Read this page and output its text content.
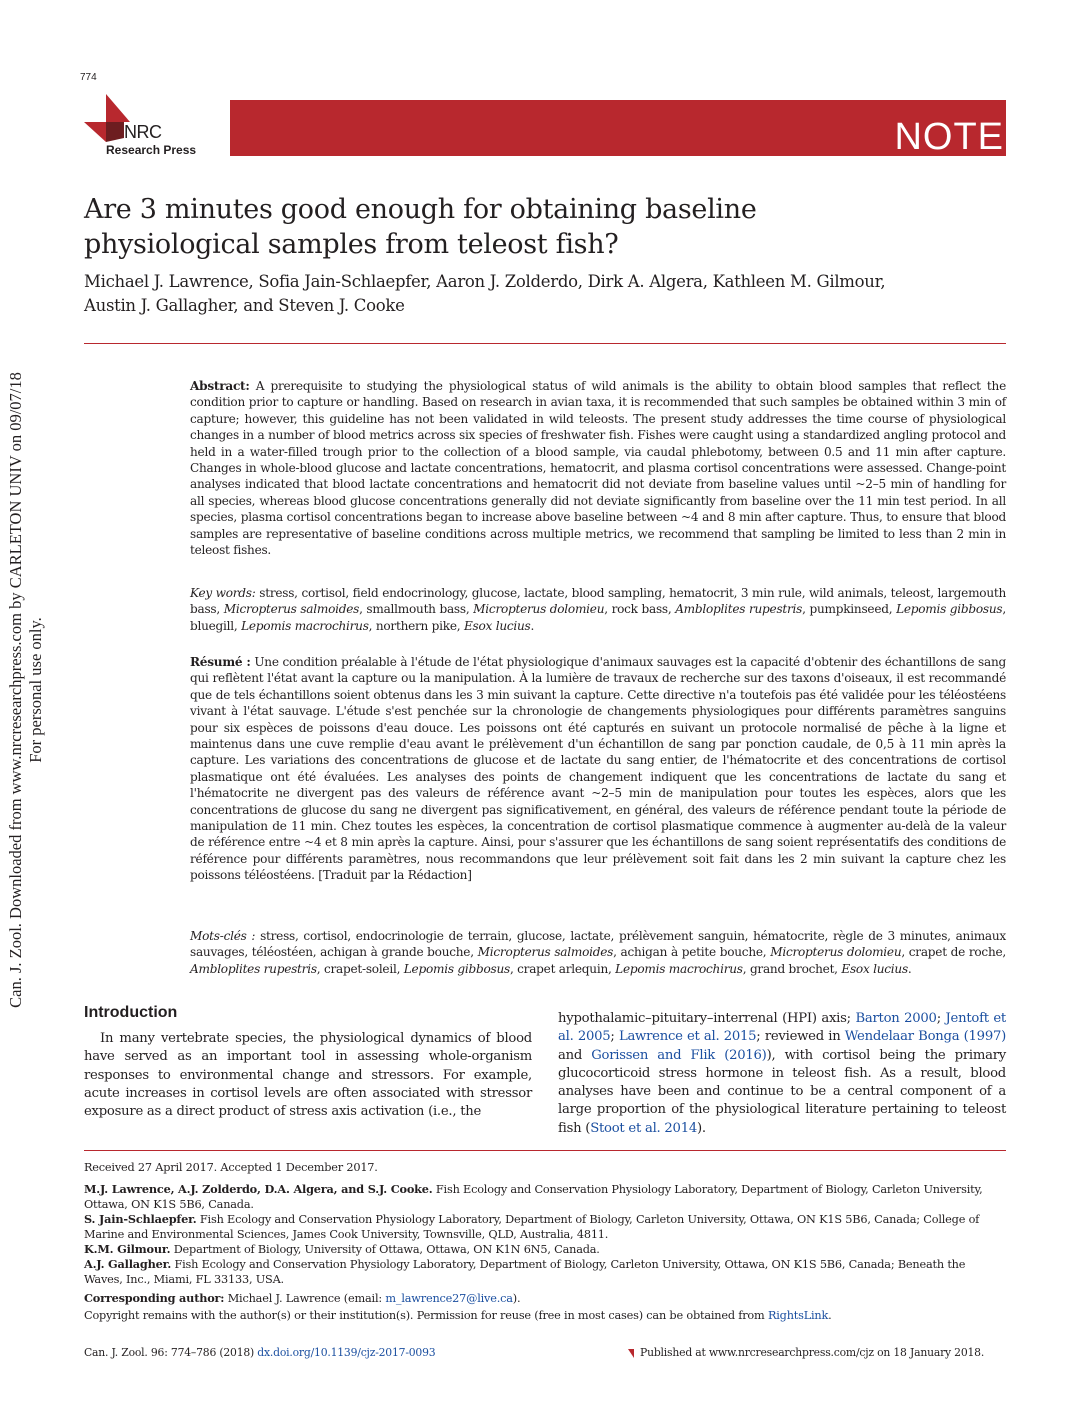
774
NRC
Research Press	NOTE
Are 3 minutes good enough for obtaining baseline
physiological samples from teleost fish?
Michael J. Lawrence, Sofia Jain-Schlaepfer, Aaron J. Zolderdo, Dirk A. Algera, Kathleen M. Gilmour,
Austin J. Gallagher, and Steven J. Cooke
Abstract: A prerequisite to studying the physiological status of wild animals is the ability to obtain blood samples that reflect the condition prior to capture or handling. Based on research in avian taxa, it is recommended that such samples be obtained within 3 min of capture; however, this guideline has not been validated in wild teleosts. The present study addresses the time course of physiological changes in a number of blood metrics across six species of freshwater fish. Fishes were caught using a standardized angling protocol and held in a water-filled trough prior to the collection of a blood sample, via caudal phlebotomy, between 0.5 and 11 min after capture. Changes in whole-blood glucose and lactate concentrations, hematocrit, and plasma cortisol concentrations were assessed. Change-point analyses indicated that blood lactate concentrations and hematocrit did not deviate from baseline values until ~2–5 min of handling for all species, whereas blood glucose concentrations generally did not deviate significantly from baseline over the 11 min test period. In all species, plasma cortisol concentrations began to increase above baseline between ~4 and 8 min after capture. Thus, to ensure that blood samples are representative of baseline conditions across multiple metrics, we recommend that sampling be limited to less than 2 min in teleost fishes.
Key words: stress, cortisol, field endocrinology, glucose, lactate, blood sampling, hematocrit, 3 min rule, wild animals, teleost, largemouth bass, Micropterus salmoides, smallmouth bass, Micropterus dolomieu, rock bass, Ambloplites rupestris, pumpkinseed, Lepomis gibbosus, bluegill, Lepomis macrochirus, northern pike, Esox lucius.
Résumé : Une condition préalable à l'étude de l'état physiologique d'animaux sauvages est la capacité d'obtenir des échantillons de sang qui reflètent l'état avant la capture ou la manipulation. À la lumière de travaux de recherche sur des taxons d'oiseaux, il est recommandé que de tels échantillons soient obtenus dans les 3 min suivant la capture. Cette directive n'a toutefois pas été validée pour les téléostéens vivant à l'état sauvage. L'étude s'est penchée sur la chronologie de changements physiologiques pour différents paramètres sanguins pour six espèces de poissons d'eau douce. Les poissons ont été capturés en suivant un protocole normalisé de pêche à la ligne et maintenus dans une cuve remplie d'eau avant le prélèvement d'un échantillon de sang par ponction caudale, de 0,5 à 11 min après la capture. Les variations des concentrations de glucose et de lactate du sang entier, de l'hématocrite et des concentrations de cortisol plasmatique ont été évaluées. Les analyses des points de changement indiquent que les concentrations de lactate du sang et l'hématocrite ne divergent pas des valeurs de référence avant ~2–5 min de manipulation pour toutes les espèces, alors que les concentrations de glucose du sang ne divergent pas significativement, en général, des valeurs de référence pendant toute la période de manipulation de 11 min. Chez toutes les espèces, la concentration de cortisol plasmatique commence à augmenter au-delà de la valeur de référence entre ~4 et 8 min après la capture. Ainsi, pour s'assurer que les échantillons de sang soient représentatifs des conditions de référence pour différents paramètres, nous recommandons que leur prélèvement soit fait dans les 2 min suivant la capture chez les poissons téléostéens. [Traduit par la Rédaction]
Mots-clés : stress, cortisol, endocrinologie de terrain, glucose, lactate, prélèvement sanguin, hématocrite, règle de 3 minutes, animaux sauvages, téléostéen, achigan à grande bouche, Micropterus salmoides, achigan à petite bouche, Micropterus dolomieu, crapet de roche, Ambloplites rupestris, crapet-soleil, Lepomis gibbosus, crapet arlequin, Lepomis macrochirus, grand brochet, Esox lucius.
Introduction

In many vertebrate species, the physiological dynamics of blood have served as an important tool in assessing whole-organism responses to environmental change and stressors. For example, acute increases in cortisol levels are often associated with stressor exposure as a direct product of stress axis activation (i.e., the

hypothalamic–pituitary–interrenal (HPI) axis; Barton 2000; Jentoft et al. 2005; Lawrence et al. 2015; reviewed in Wendelaar Bonga (1997) and Gorissen and Flik (2016)), with cortisol being the primary glucocorticoid stress hormone in teleost fish. As a result, blood analyses have been and continue to be a central component of a large proportion of the physiological literature pertaining to teleost fish (Stoot et al. 2014).
Received 27 April 2017. Accepted 1 December 2017.
M.J. Lawrence, A.J. Zolderdo, D.A. Algera, and S.J. Cooke. Fish Ecology and Conservation Physiology Laboratory, Department of Biology, Carleton University, Ottawa, ON K1S 5B6, Canada.
S. Jain-Schlaepfer. Fish Ecology and Conservation Physiology Laboratory, Department of Biology, Carleton University, Ottawa, ON K1S 5B6, Canada; College of Marine and Environmental Sciences, James Cook University, Townsville, QLD, Australia, 4811.
K.M. Gilmour. Department of Biology, University of Ottawa, Ottawa, ON K1N 6N5, Canada.
A.J. Gallagher. Fish Ecology and Conservation Physiology Laboratory, Department of Biology, Carleton University, Ottawa, ON K1S 5B6, Canada; Beneath the Waves, Inc., Miami, FL 33133, USA.
Corresponding author: Michael J. Lawrence (email: m_lawrence27@live.ca).
Copyright remains with the author(s) or their institution(s). Permission for reuse (free in most cases) can be obtained from RightsLink.
Can. J. Zool. 96: 774–786 (2018) dx.doi.org/10.1139/cjz-2017-0093	Published at www.nrcresearchpress.com/cjz on 18 January 2018.
Can. J. Zool. Downloaded from www.nrcresearchpress.com by CARLETON UNIV on 09/07/18 For personal use only.
